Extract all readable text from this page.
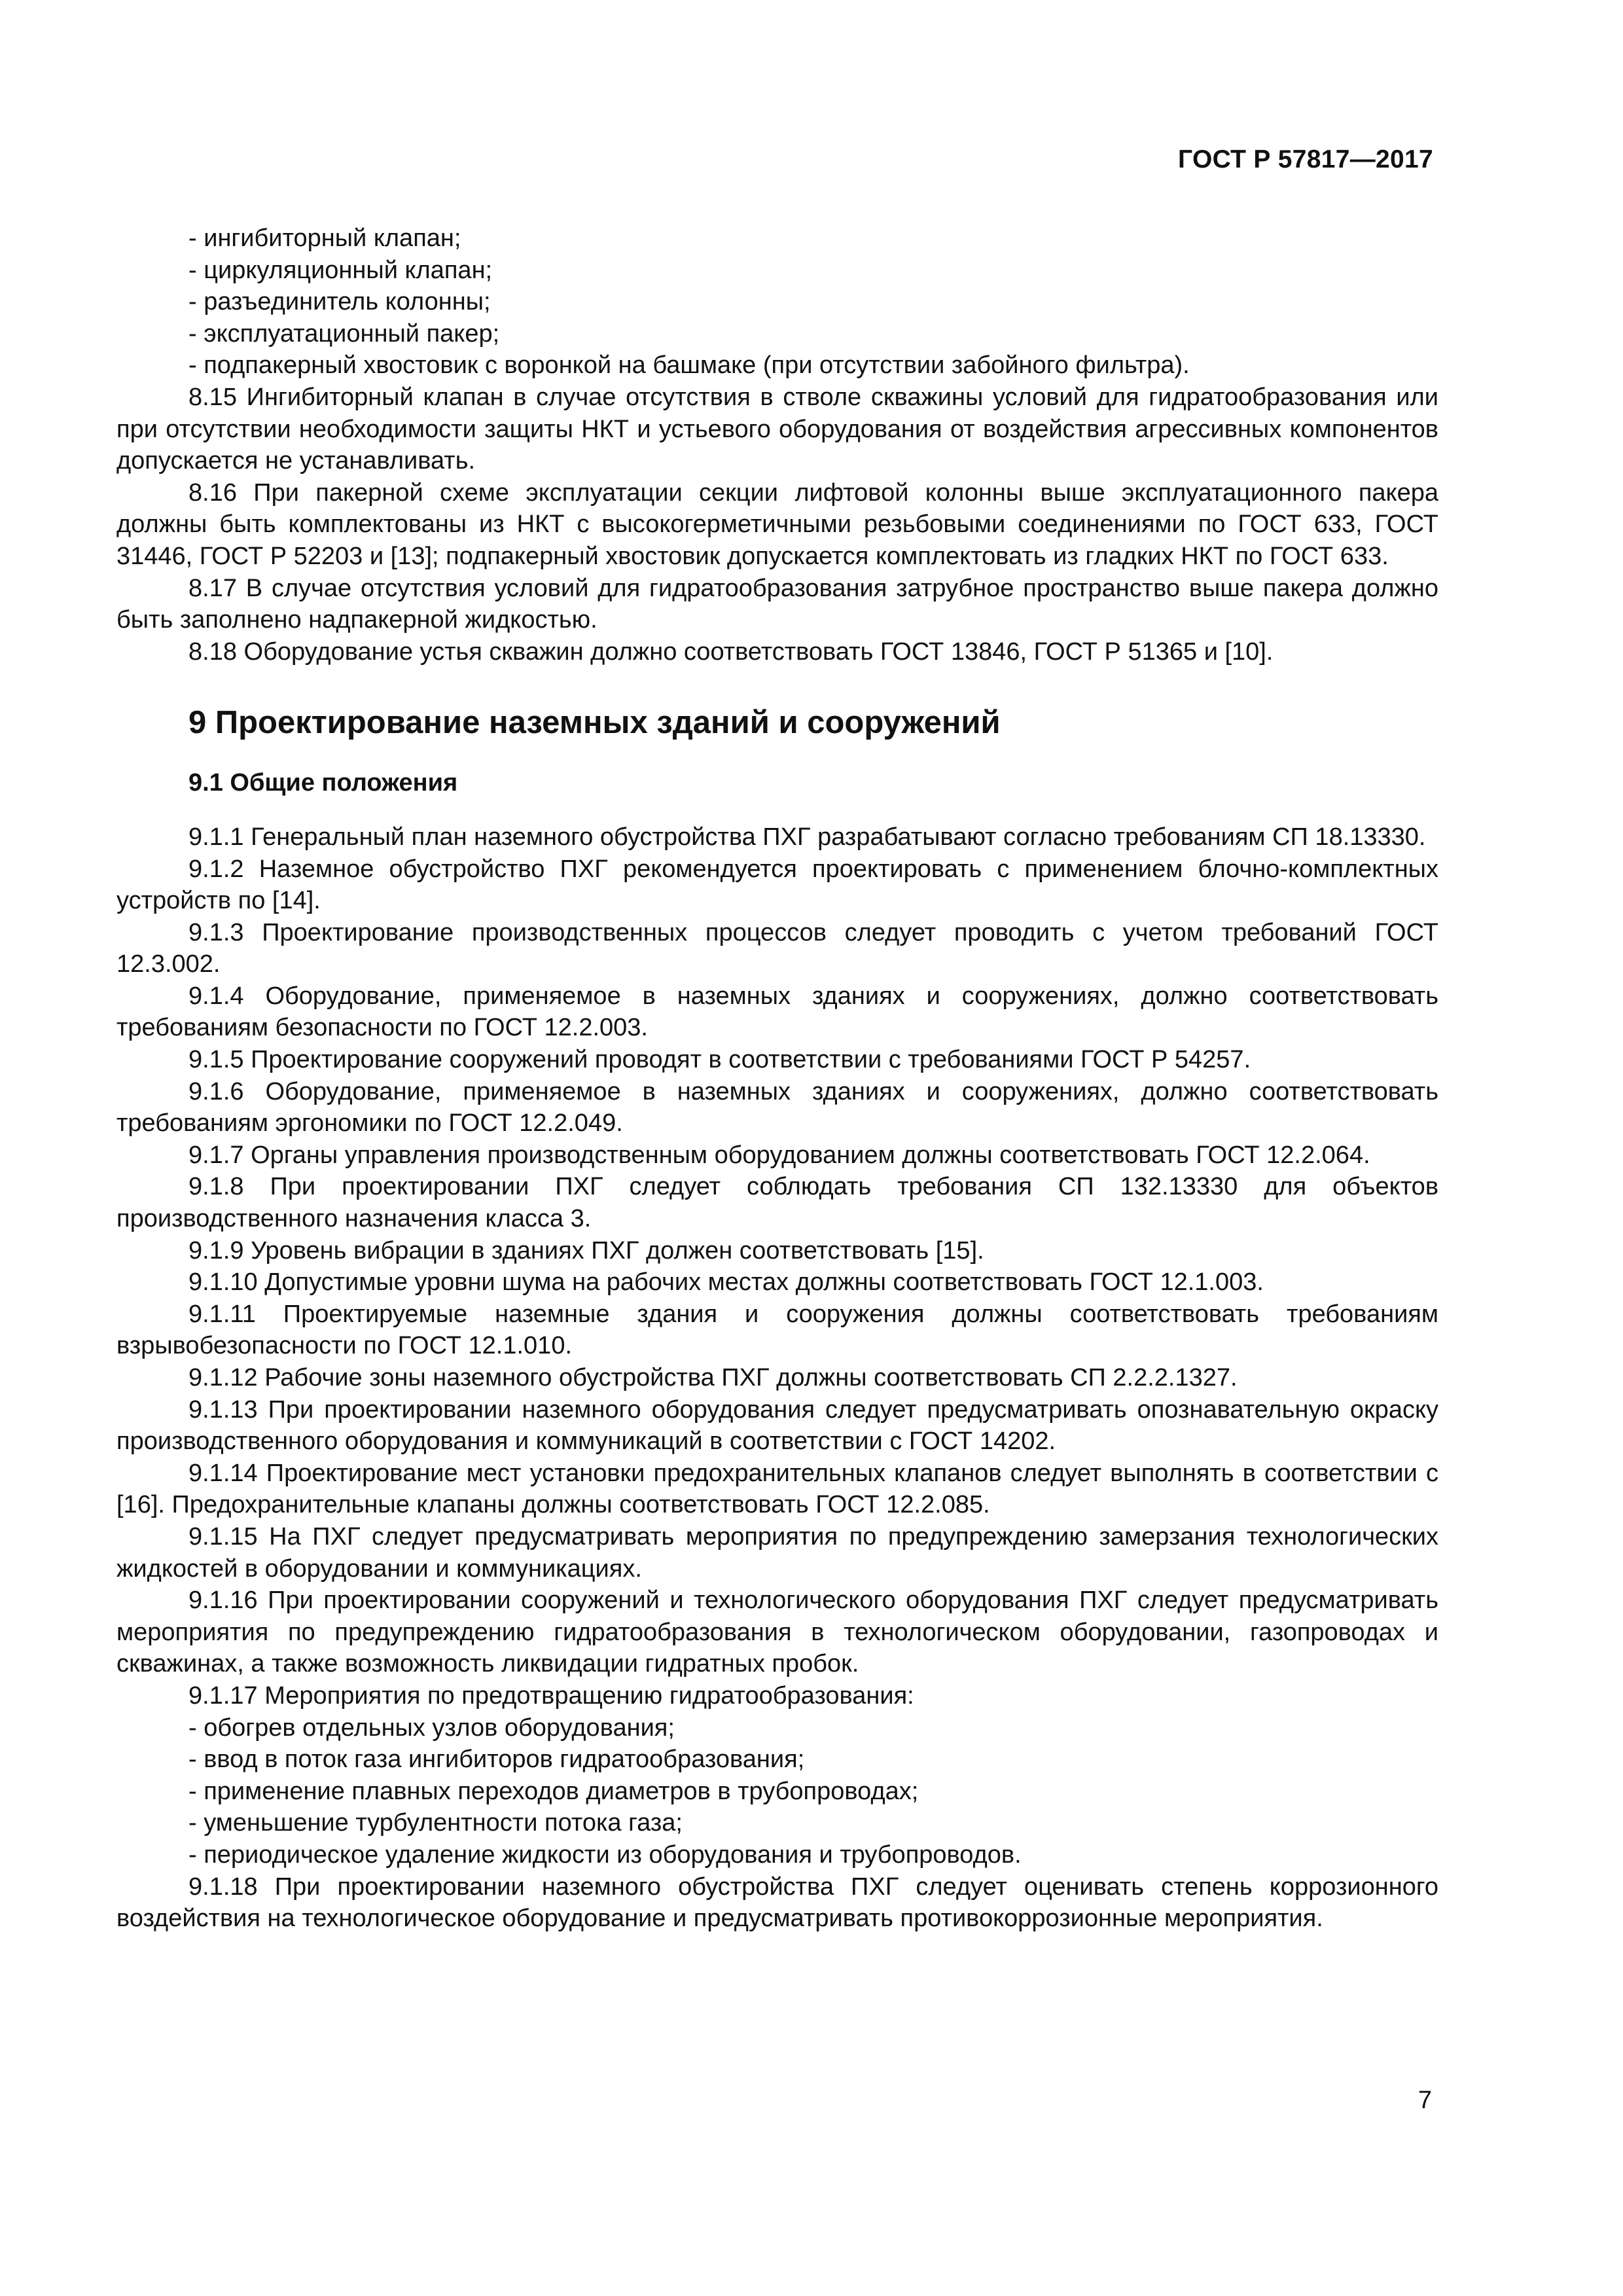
ГОСТ Р 57817—2017

- ингибиторный клапан;

- циркуляционный клапан;

- разъединитель колонны;

- эксплуатационный пакер;

- подпакерный хвостовик с воронкой на башмаке (при отсутствии забойного фильтра).

8.15 Ингибиторный клапан в случае отсутствия в стволе скважины условий для гидратообразования или при отсутствии необходимости защиты НКТ и устьевого оборудования от воздействия агрессивных компонентов допускается не устанавливать.

8.16 При пакерной схеме эксплуатации секции лифтовой колонны выше эксплуатационного пакера должны быть комплектованы из НКТ с высокогерметичными резьбовыми соединениями по ГОСТ 633, ГОСТ 31446, ГОСТ Р 52203 и [13]; подпакерный хвостовик допускается комплектовать из гладких НКТ по ГОСТ 633.

8.17 В случае отсутствия условий для гидратообразования затрубное пространство выше пакера должно быть заполнено надпакерной жидкостью.

8.18 Оборудование устья скважин должно соответствовать ГОСТ 13846, ГОСТ Р 51365 и [10].

9 Проектирование наземных зданий и сооружений
9.1 Общие положения

9.1.1 Генеральный план наземного обустройства ПХГ разрабатывают согласно требованиям СП 18.13330.

9.1.2 Наземное обустройство ПХГ рекомендуется проектировать с применением блочно-комплектных устройств по [14].

9.1.3 Проектирование производственных процессов следует проводить с учетом требований ГОСТ 12.3.002.

9.1.4 Оборудование, применяемое в наземных зданиях и сооружениях, должно соответствовать требованиям безопасности по ГОСТ 12.2.003.

9.1.5 Проектирование сооружений проводят в соответствии с требованиями ГОСТ Р 54257.

9.1.6 Оборудование, применяемое в наземных зданиях и сооружениях, должно соответствовать требованиям эргономики по ГОСТ 12.2.049.

9.1.7 Органы управления производственным оборудованием должны соответствовать ГОСТ 12.2.064.

9.1.8 При проектировании ПХГ следует соблюдать требования СП 132.13330 для объектов производственного назначения класса 3.

9.1.9 Уровень вибрации в зданиях ПХГ должен соответствовать [15].

9.1.10 Допустимые уровни шума на рабочих местах должны соответствовать ГОСТ 12.1.003.

9.1.11 Проектируемые наземные здания и сооружения должны соответствовать требованиям взрывобезопасности по ГОСТ 12.1.010.

9.1.12 Рабочие зоны наземного обустройства ПХГ должны соответствовать СП 2.2.2.1327.

9.1.13 При проектировании наземного оборудования следует предусматривать опознавательную окраску производственного оборудования и коммуникаций в соответствии с ГОСТ 14202.

9.1.14 Проектирование мест установки предохранительных клапанов следует выполнять в соответствии с [16]. Предохранительные клапаны должны соответствовать ГОСТ 12.2.085.

9.1.15 На ПХГ следует предусматривать мероприятия по предупреждению замерзания технологических жидкостей в оборудовании и коммуникациях.

9.1.16 При проектировании сооружений и технологического оборудования ПХГ следует предусматривать мероприятия по предупреждению гидратообразования в технологическом оборудовании, газопроводах и скважинах, а также возможность ликвидации гидратных пробок.

9.1.17 Мероприятия по предотвращению гидратообразования:

- обогрев отдельных узлов оборудования;

- ввод в поток газа ингибиторов гидратообразования;

- применение плавных переходов диаметров в трубопроводах;

- уменьшение турбулентности потока газа;

- периодическое удаление жидкости из оборудования и трубопроводов.

9.1.18 При проектировании наземного обустройства ПХГ следует оценивать степень коррозионного воздействия на технологическое оборудование и предусматривать противокоррозионные мероприятия.

7
